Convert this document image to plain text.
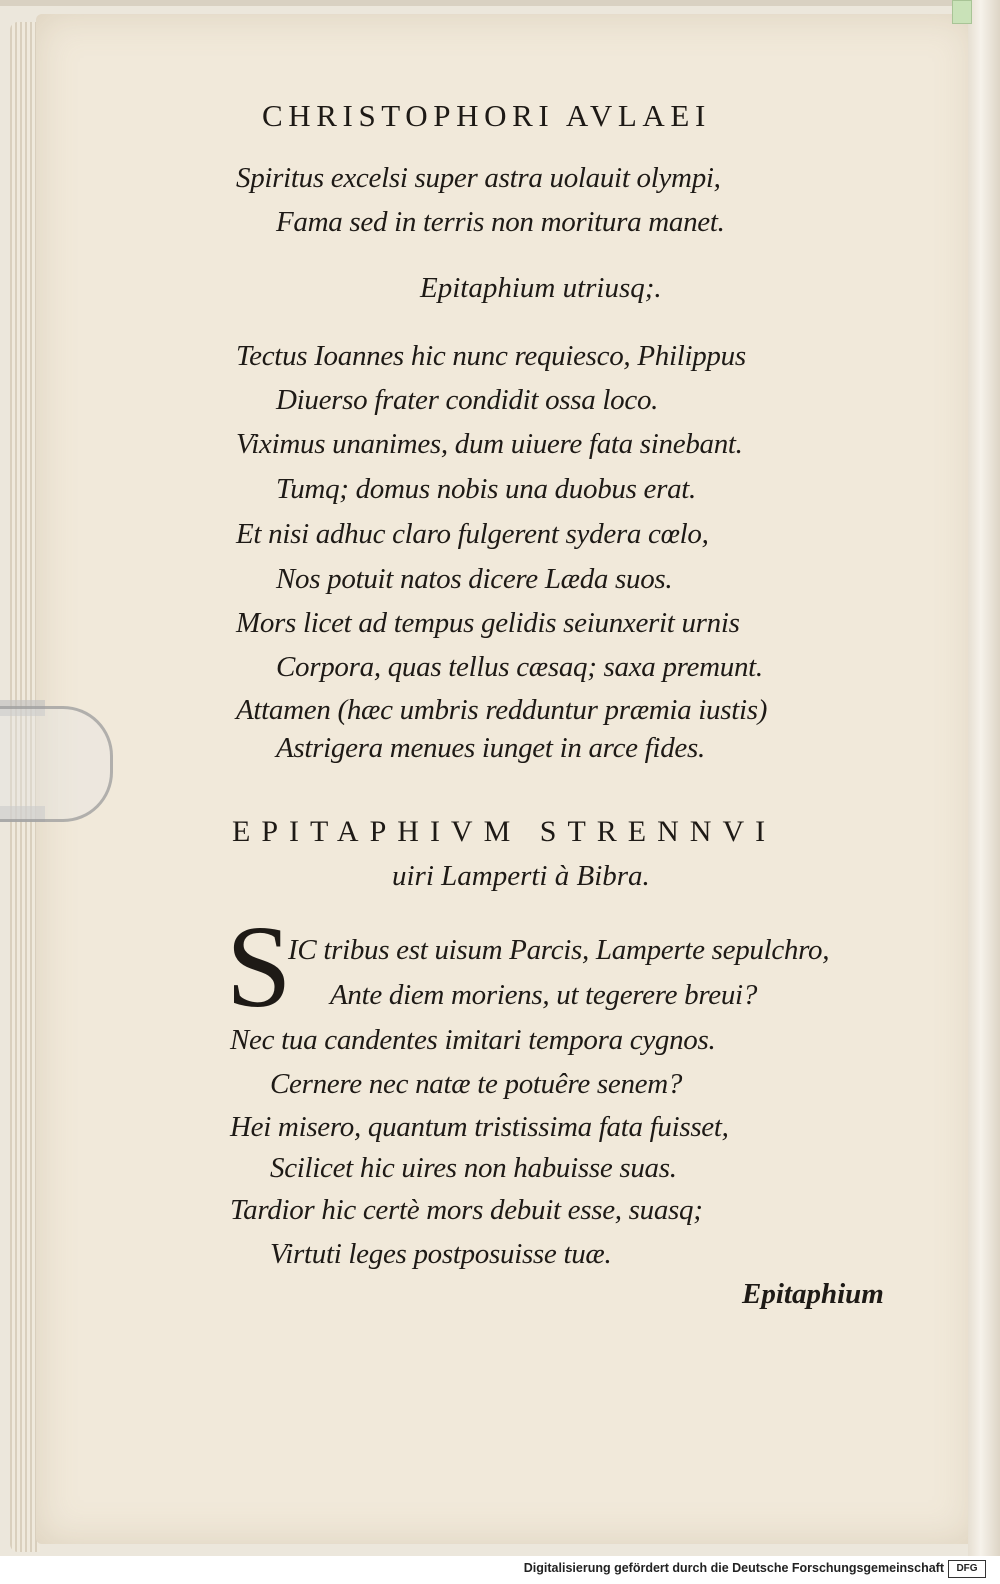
CHRISTOPHORI AVLAEI
Spiritus excelsi super astra uolauit olympi,
Fama sed in terris non moritura manet.
Epitaphium utriusq;.
Tectus Ioannes hic nunc requiesco, Philippus
Diuerso frater condidit ossa loco.
Viximus unanimes, dum uiuere fata sinebant.
Tumq; domus nobis una duobus erat.
Et nisi adhuc claro fulgerent sydera cœlo,
Nos potuit natos dicere Læda suos.
Mors licet ad tempus gelidis seiunxerit urnis
Corpora, quas tellus cæsaq; saxa premunt.
Attamen (hæc umbris redduntur præmia iustis)
Astrigera menues iunget in arce fides.
EPITAPHIVM STRENNVI
uiri Lamperti à Bibra.
S
IC tribus est uisum Parcis, Lamperte sepulchro,
Ante diem moriens, ut tegerere breui?
Nec tua candentes imitari tempora cygnos.
Cernere nec natæ te potuêre senem?
Hei misero, quantum tristissima fata fuisset,
Scilicet hic uires non habuisse suas.
Tardior hic certè mors debuit esse, suasq;
Virtuti leges postposuisse tuæ.
Epitaphium
Digitalisierung gefördert durch die Deutsche Forschungsgemeinschaft	DFG
